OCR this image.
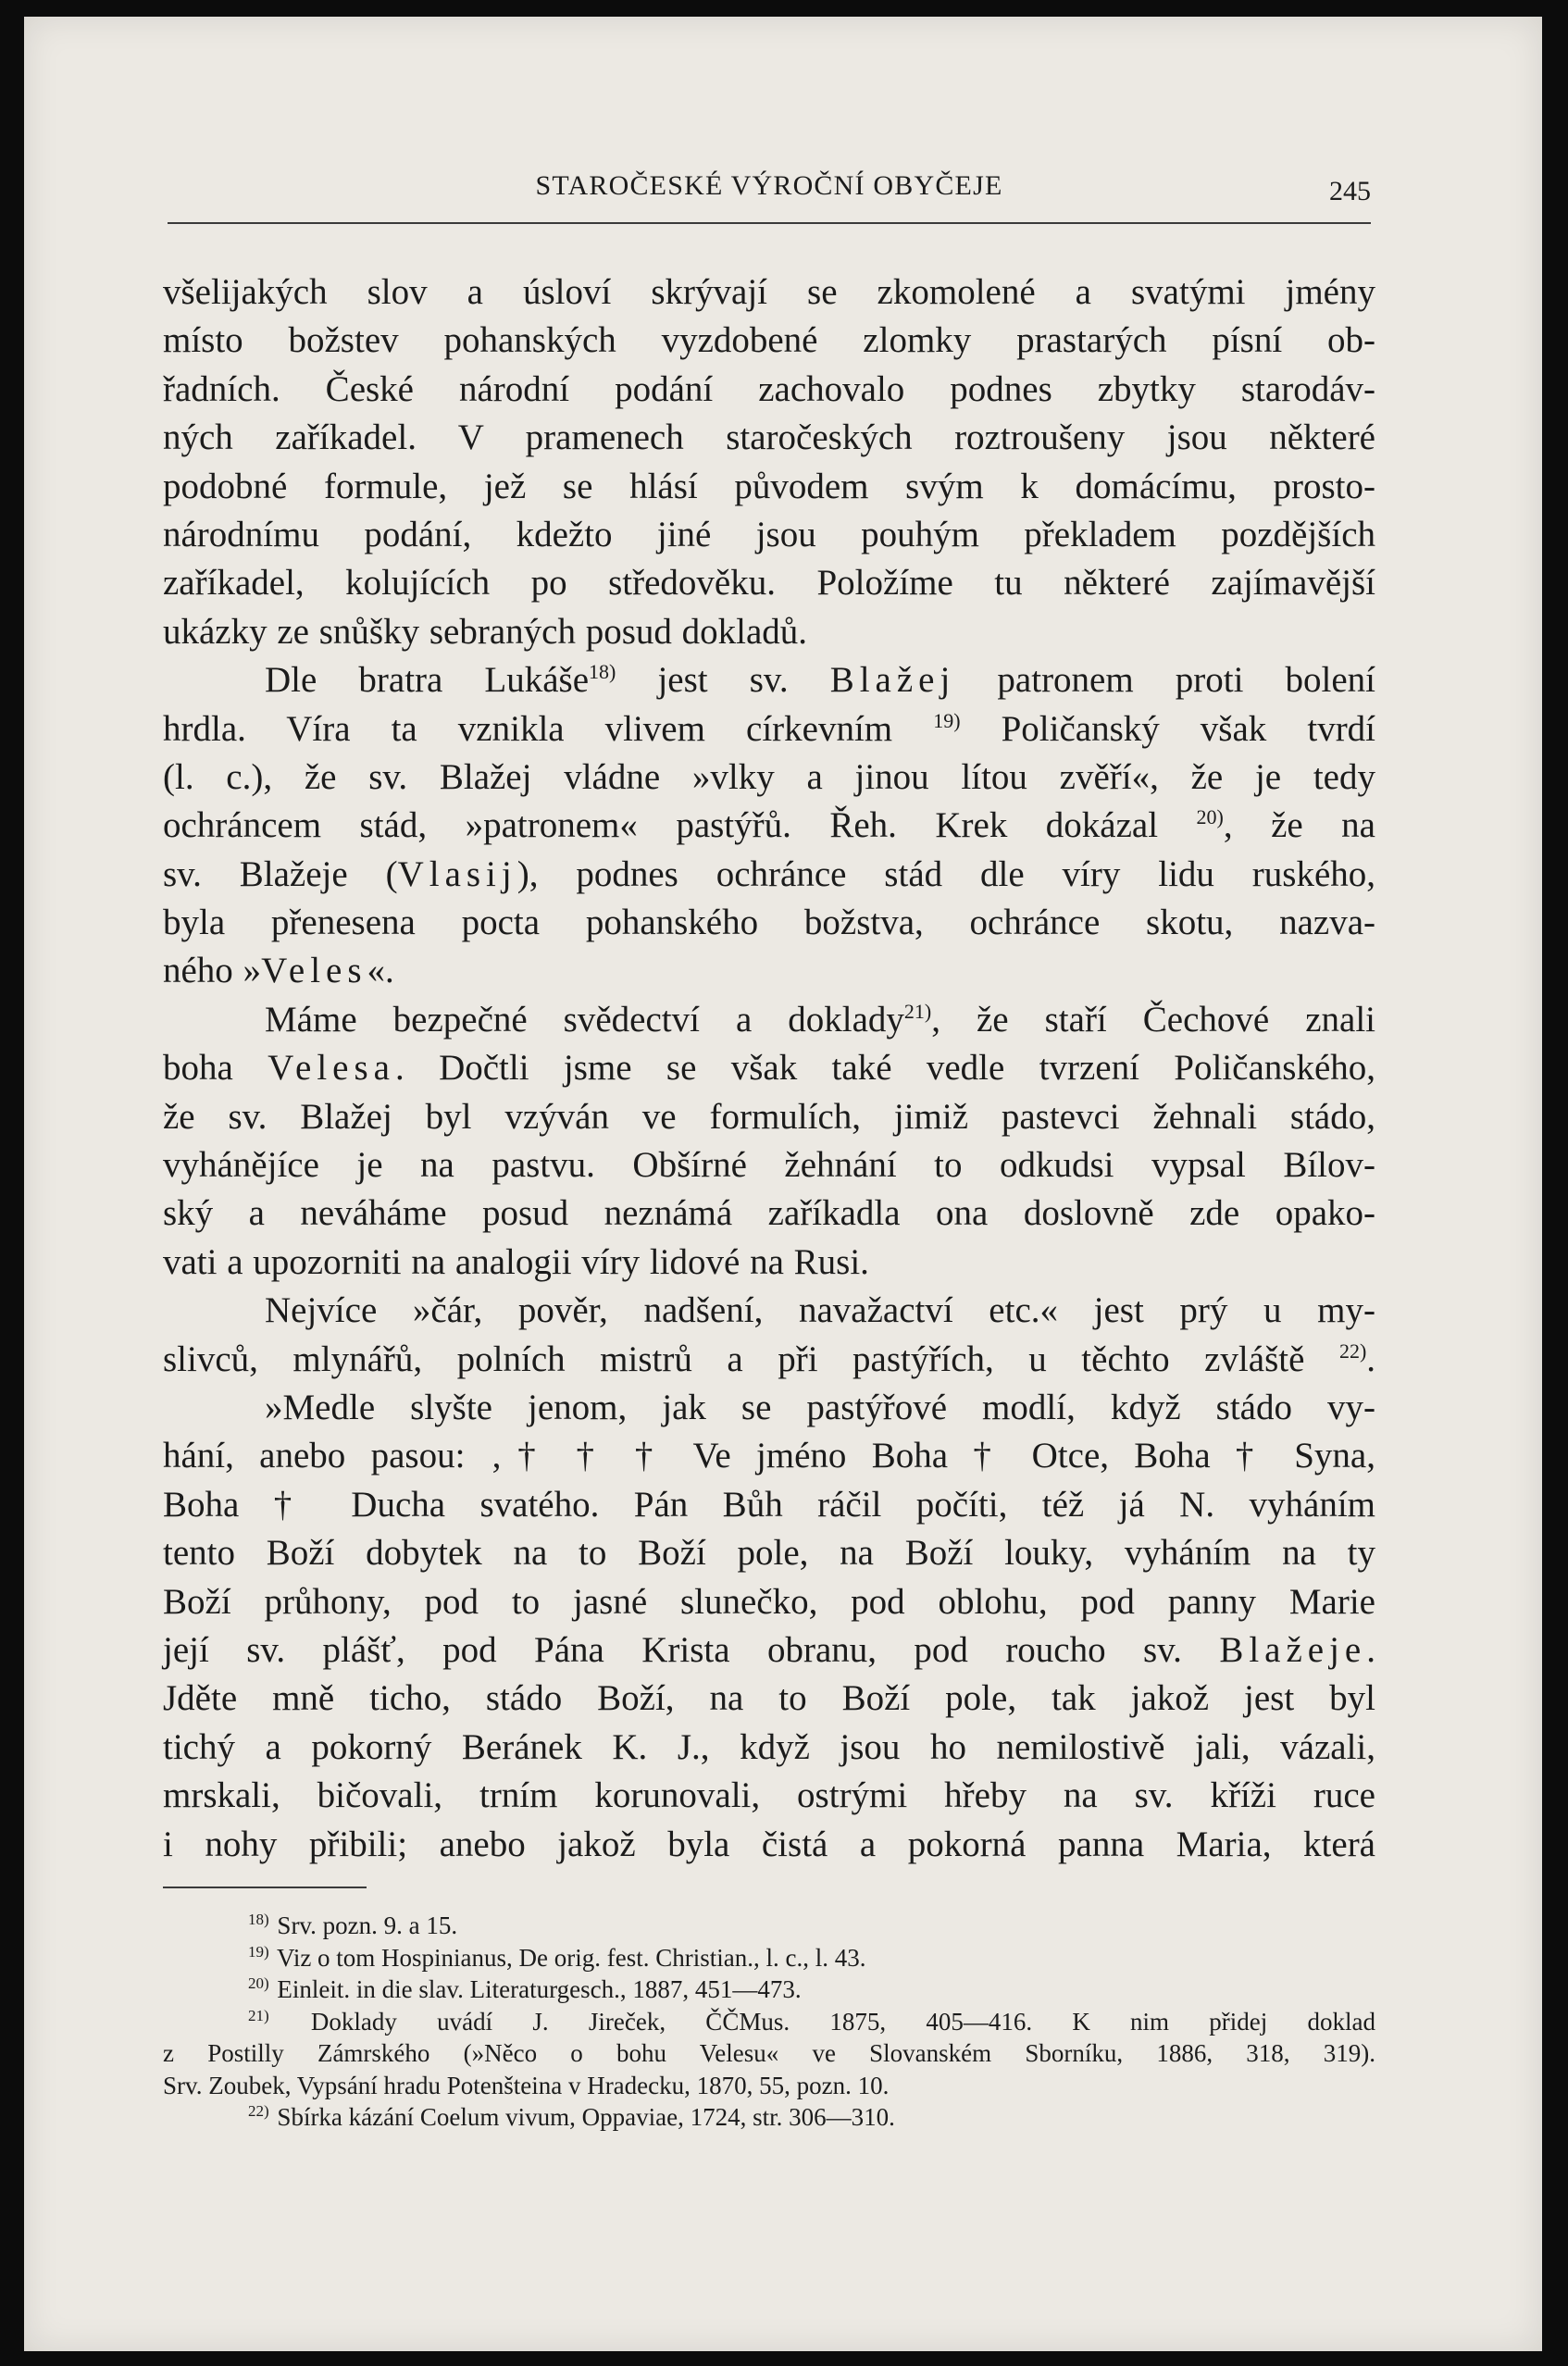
STAROČESKÉ VÝROČNÍ OBYČEJE	245
všelijakých slov a úsloví skrývají se zkomolené a svatými jmény
místo božstev pohanských vyzdobené zlomky prastarých písní ob-
řadních. České národní podání zachovalo podnes zbytky starodáv-
ných zaříkadel. V pramenech staročeských roztroušeny jsou některé
podobné formule, jež se hlásí původem svým k domácímu, prosto-
národnímu podání, kdežto jiné jsou pouhým překladem pozdějších
zaříkadel, kolujících po středověku. Položíme tu některé zajímavější
ukázky ze snůšky sebraných posud dokladů.
Dle bratra Lukáše$^{18)}$ jest sv. Blažej patronem proti bolení
hrdla. Víra ta vznikla vlivem církevním $^{19)}$ Poličanský však tvrdí
(l. c.), že sv. Blažej vládne »vlky a jinou lítou zvěří«, že je tedy
ochráncem stád, »patronem« pastýřů. Řeh. Krek dokázal $^{20)}$, že na
sv. Blažeje (Vlasij), podnes ochránce stád dle víry lidu ruského,
byla přenesena pocta pohanského božstva, ochránce skotu, nazva-
ného »Veles«.
Máme bezpečné svědectví a doklady$^{21)}$, že staří Čechové znali
boha Velesa. Dočtli jsme se však také vedle tvrzení Poličanského,
že sv. Blažej byl vzýván ve formulích, jimiž pastevci žehnali stádo,
vyhánějíce je na pastvu. Obšírné žehnání to odkudsi vypsal Bílov-
ský a neváháme posud neznámá zaříkadla ona doslovně zde opako-
vati a upozorniti na analogii víry lidové na Rusi.
Nejvíce »čár, pověr, nadšení, navažactví etc.« jest prý u my-
slivců, mlynářů, polních mistrů a při pastýřích, u těchto zvláště $^{22)}$.
»Medle slyšte jenom, jak se pastýřové modlí, když stádo vy-
hání, anebo pasou: ‚† † † Ve jméno Boha † Otce, Boha † Syna,
Boha † Ducha svatého. Pán Bůh ráčil počíti, též já N. vyháním
tento Boží dobytek na to Boží pole, na Boží louky, vyháním na ty
Boží průhony, pod to jasné slunečko, pod oblohu, pod panny Marie
její sv. plášť, pod Pána Krista obranu, pod roucho sv. Blažeje.
Jděte mně ticho, stádo Boží, na to Boží pole, tak jakož jest byl
tichý a pokorný Beránek K. J., když jsou ho nemilostivě jali, vázali,
mrskali, bičovali, trním korunovali, ostrými hřeby na sv. kříži ruce
i nohy přibili; anebo jakož byla čistá a pokorná panna Maria, která
$^{18)}$ Srv. pozn. 9. a 15.
$^{19)}$ Viz o tom Hospinianus, De orig. fest. Christian., l. c., l. 43.
$^{20)}$ Einleit. in die slav. Literaturgesch., 1887, 451—473.
$^{21)}$ Doklady uvádí J. Jireček, ČČMus. 1875, 405—416. K nim přidej doklad
z Postilly Zámrského (»Něco o bohu Velesu« ve Slovanském Sborníku, 1886, 318, 319).
Srv. Zoubek, Vypsání hradu Potenšteina v Hradecku, 1870, 55, pozn. 10.
$^{22)}$ Sbírka kázání Coelum vivum, Oppaviae, 1724, str. 306—310.
